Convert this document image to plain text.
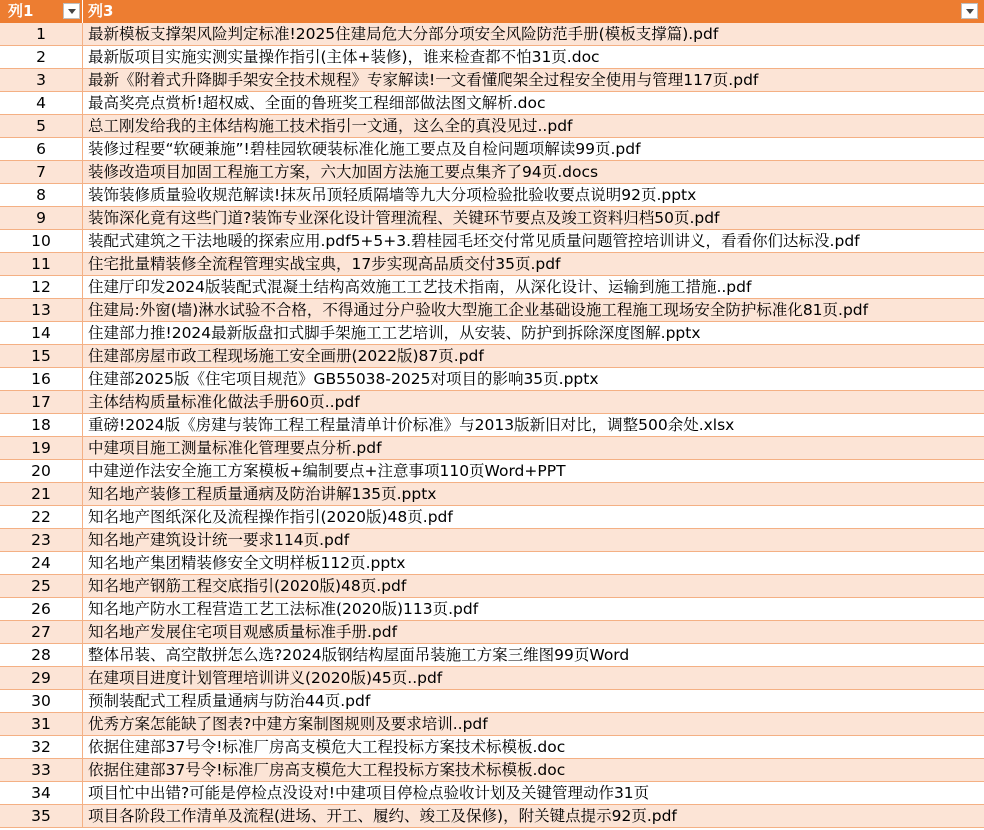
列1	列3
1	最新模板支撑架风险判定标准!2025住建局危大分部分项安全风险防范手册(模板支撑篇).pdf
2	最新版项目实施实测实量操作指引(主体+装修)，谁来检查都不怕31页.doc
3	最新《附着式升降脚手架安全技术规程》专家解读!一文看懂爬架全过程安全使用与管理117页.pdf
4	最高奖亮点赏析!超权威、全面的鲁班奖工程细部做法图文解析.doc
5	总工刚发给我的主体结构施工技术指引一文通，这么全的真没见过..pdf
6	装修过程要“软硬兼施”!碧桂园软硬装标准化施工要点及自检问题项解读99页.pdf
7	装修改造项目加固工程施工方案，六大加固方法施工要点集齐了94页.docs
8	装饰装修质量验收规范解读!抹灰吊顶轻质隔墙等九大分项检验批验收要点说明92页.pptx
9	装饰深化竟有这些门道?装饰专业深化设计管理流程、关键环节要点及竣工资料归档50页.pdf
10	装配式建筑之干法地暖的探索应用.pdf5+5+3.碧桂园毛坯交付常见质量问题管控培训讲义，看看你们达标没.pdf
11	住宅批量精装修全流程管理实战宝典，17步实现高品质交付35页.pdf
12	住建厅印发2024版装配式混凝土结构高效施工工艺技术指南，从深化设计、运输到施工措施..pdf
13	住建局:外窗(墙)淋水试验不合格，不得通过分户验收大型施工企业基础设施工程施工现场安全防护标准化81页.pdf
14	住建部力推!2024最新版盘扣式脚手架施工工艺培训，从安装、防护到拆除深度图解.pptx
15	住建部房屋市政工程现场施工安全画册(2022版)87页.pdf
16	住建部2025版《住宅项目规范》GB55038-2025对项目的影响35页.pptx
17	主体结构质量标准化做法手册60页..pdf
18	重磅!2024版《房建与装饰工程工程量清单计价标准》与2013版新旧对比，调整500余处.xlsx
19	中建项目施工测量标准化管理要点分析.pdf
20	中建逆作法安全施工方案模板+编制要点+注意事项110页Word+PPT
21	知名地产装修工程质量通病及防治讲解135页.pptx
22	知名地产图纸深化及流程操作指引(2020版)48页.pdf
23	知名地产建筑设计统一要求114页.pdf
24	知名地产集团精装修安全文明样板112页.pptx
25	知名地产钢筋工程交底指引(2020版)48页.pdf
26	知名地产防水工程营造工艺工法标准(2020版)113页.pdf
27	知名地产发展住宅项目观感质量标准手册.pdf
28	整体吊装、高空散拼怎么选?2024版钢结构屋面吊装施工方案三维图99页Word
29	在建项目进度计划管理培训讲义(2020版)45页..pdf
30	预制装配式工程质量通病与防治44页.pdf
31	优秀方案怎能缺了图表?中建方案制图规则及要求培训..pdf
32	依据住建部37号令!标准厂房高支模危大工程投标方案技术标模板.doc
33	依据住建部37号令!标准厂房高支模危大工程投标方案技术标模板.doc
34	项目忙中出错?可能是停检点没设对!中建项目停检点验收计划及关键管理动作31页
35	项目各阶段工作清单及流程(进场、开工、履约、竣工及保修)，附关键点提示92页.pdf
